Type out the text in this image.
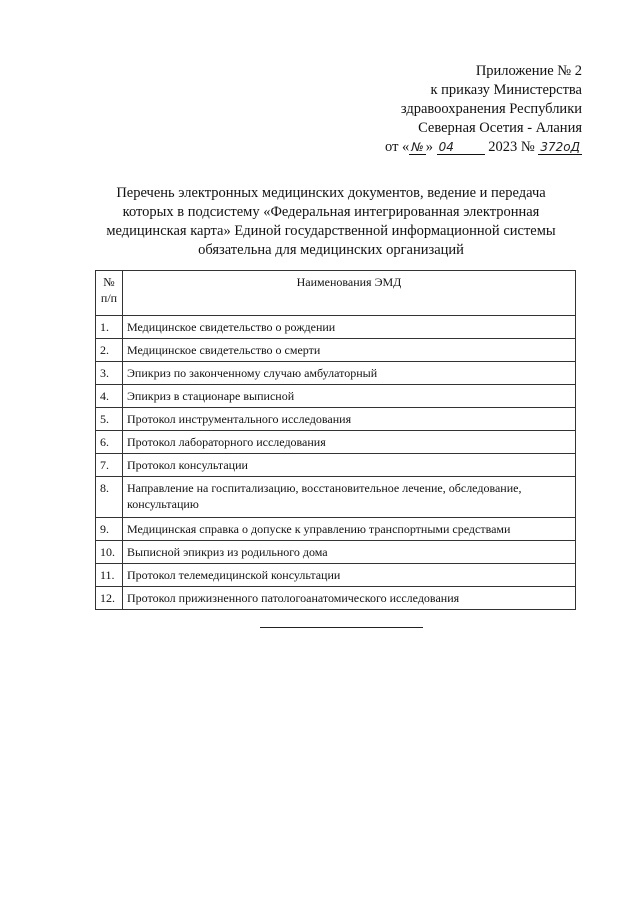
Приложение № 2
к приказу Министерства
здравоохранения Республики
Северная Осетия - Алания
от « № » 04 2023 № 372оД
Перечень электронных медицинских документов, ведение и передача
которых в подсистему «Федеральная интегрированная электронная
медицинская карта» Единой государственной информационной системы
обязательна для медицинских организаций
№
п/п	Наименования ЭМД
1.	Медицинское свидетельство о рождении
2.	Медицинское свидетельство о смерти
3.	Эпикриз по законченному случаю амбулаторный
4.	Эпикриз в стационаре выписной
5.	Протокол инструментального исследования
6.	Протокол лабораторного исследования
7.	Протокол консультации
8.	Направление на госпитализацию, восстановительное лечение, обследование, консультацию
9.	Медицинская справка о допуске к управлению транспортными средствами
10.	Выписной эпикриз из родильного дома
11.	Протокол телемедицинской консультации
12.	Протокол прижизненного патологоанатомического исследования
